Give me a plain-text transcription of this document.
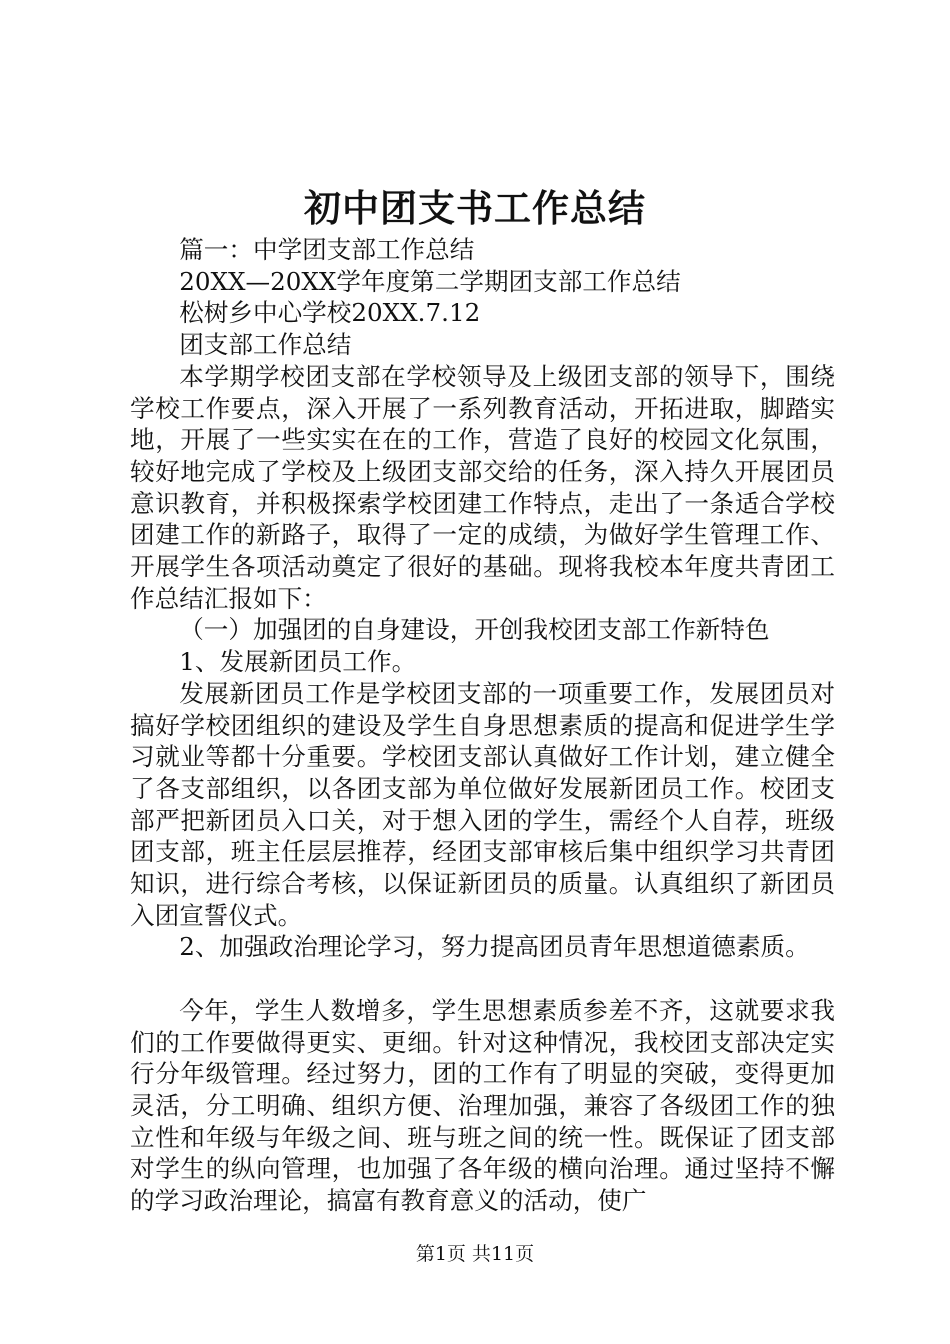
初中团支书工作总结

篇一：中学团支部工作总结

20XX—20XX学年度第二学期团支部工作总结

松树乡中心学校20XX.7.12

团支部工作总结

本学期学校团支部在学校领导及上级团支部的领导下，围绕学校工作要点，深入开展了一系列教育活动，开拓进取，脚踏实地，开展了一些实实在在的工作，营造了良好的校园文化氛围，较好地完成了学校及上级团支部交给的任务，深入持久开展团员意识教育，并积极探索学校团建工作特点，走出了一条适合学校团建工作的新路子，取得了一定的成绩，为做好学生管理工作、开展学生各项活动奠定了很好的基础。现将我校本年度共青团工作总结汇报如下：

（一）加强团的自身建设，开创我校团支部工作新特色

1、发展新团员工作。

发展新团员工作是学校团支部的一项重要工作，发展团员对搞好学校团组织的建设及学生自身思想素质的提高和促进学生学习就业等都十分重要。学校团支部认真做好工作计划，建立健全了各支部组织，以各团支部为单位做好发展新团员工作。校团支部严把新团员入口关，对于想入团的学生，需经个人自荐，班级团支部，班主任层层推荐，经团支部审核后集中组织学习共青团知识，进行综合考核，以保证新团员的质量。认真组织了新团员入团宣誓仪式。

2、加强政治理论学习，努力提高团员青年思想道德素质。

今年，学生人数增多，学生思想素质参差不齐，这就要求我们的工作要做得更实、更细。针对这种情况，我校团支部决定实行分年级管理。经过努力，团的工作有了明显的突破，变得更加灵活，分工明确、组织方便、治理加强，兼容了各级团工作的独立性和年级与年级之间、班与班之间的统一性。既保证了团支部对学生的纵向管理，也加强了各年级的横向治理。通过坚持不懈的学习政治理论，搞富有教育意义的活动，使广

第1页 共11页
